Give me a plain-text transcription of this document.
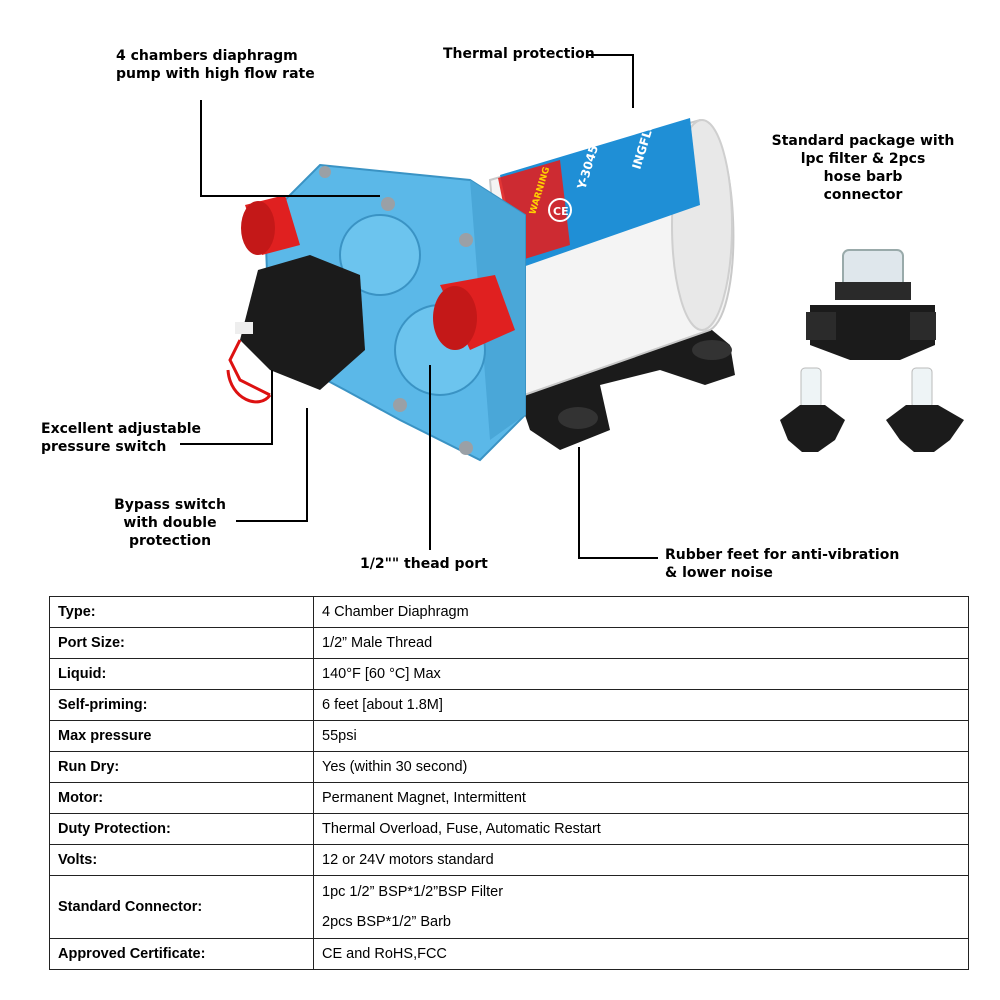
Y-3045S1R INGFLO
WARNING CE
4 chambers diaphragm
pump with high flow rate
Thermal protection
Standard package with
lpc filter & 2pcs
hose barb
connector
Excellent adjustable
pressure switch
Bypass switch
with double
protection
1/2"" thead port
Rubber feet for anti-vibration
& lower noise
Type:	4 Chamber Diaphragm

Port Size:	1/2” Male Thread

Liquid:	140°F [60 °C] Max

Self-priming:	6 feet [about 1.8M]

Max pressure	55psi

Run Dry:	Yes (within 30 second)

Motor:	Permanent Magnet, Intermittent

Duty Protection:	Thermal Overload, Fuse, Automatic Restart

Volts:	12 or 24V motors standard

Standard Connector:	1pc 1/2” BSP*1/2”BSP Filter
2pcs BSP*1/2” Barb

Approved Certificate:	CE and RoHS,FCC
